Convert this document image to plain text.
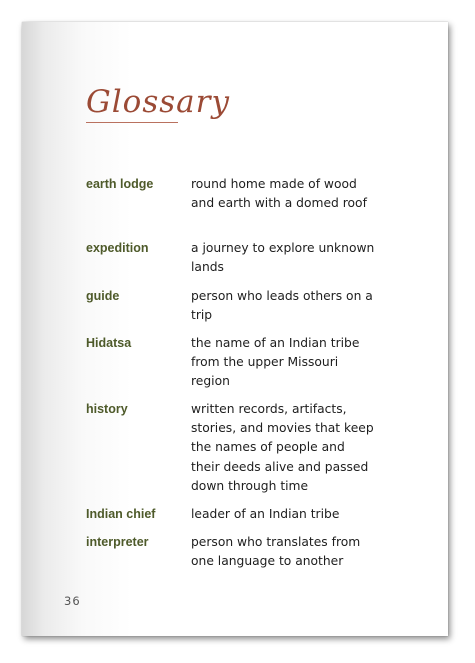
Glossary
earth lodge	round home made of wood and earth with a domed roof
expedition	a journey to explore unknown lands
guide	person who leads others on a trip
Hidatsa	the name of an Indian tribe from the upper Missouri region
history	written records, artifacts, stories, and movies that keep the names of people and their deeds alive and passed down through time
Indian chief	leader of an Indian tribe
interpreter	person who translates from one language to another
36
